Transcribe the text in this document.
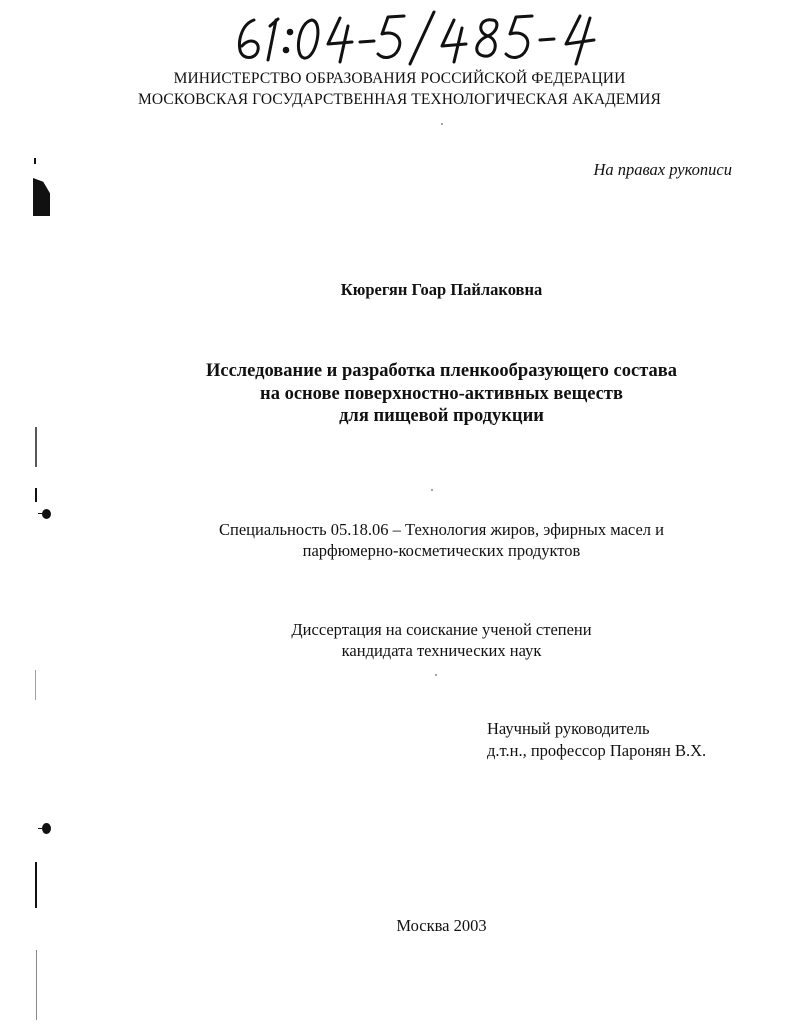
МИНИСТЕРСТВО ОБРАЗОВАНИЯ РОССИЙСКОЙ ФЕДЕРАЦИИ
МОСКОВСКАЯ ГОСУДАРСТВЕННАЯ ТЕХНОЛОГИЧЕСКАЯ АКАДЕМИЯ
На правах рукописи
Кюрегян Гоар Пайлаковна
Исследование и разработка пленкообразующего состава
на основе поверхностно-активных веществ
для пищевой продукции
Специальность 05.18.06 – Технология жиров, эфирных масел и
парфюмерно-косметических продуктов
Диссертация на соискание ученой степени
кандидата технических наук
Научный руководитель
д.т.н., профессор Паронян В.Х.
Москва 2003
